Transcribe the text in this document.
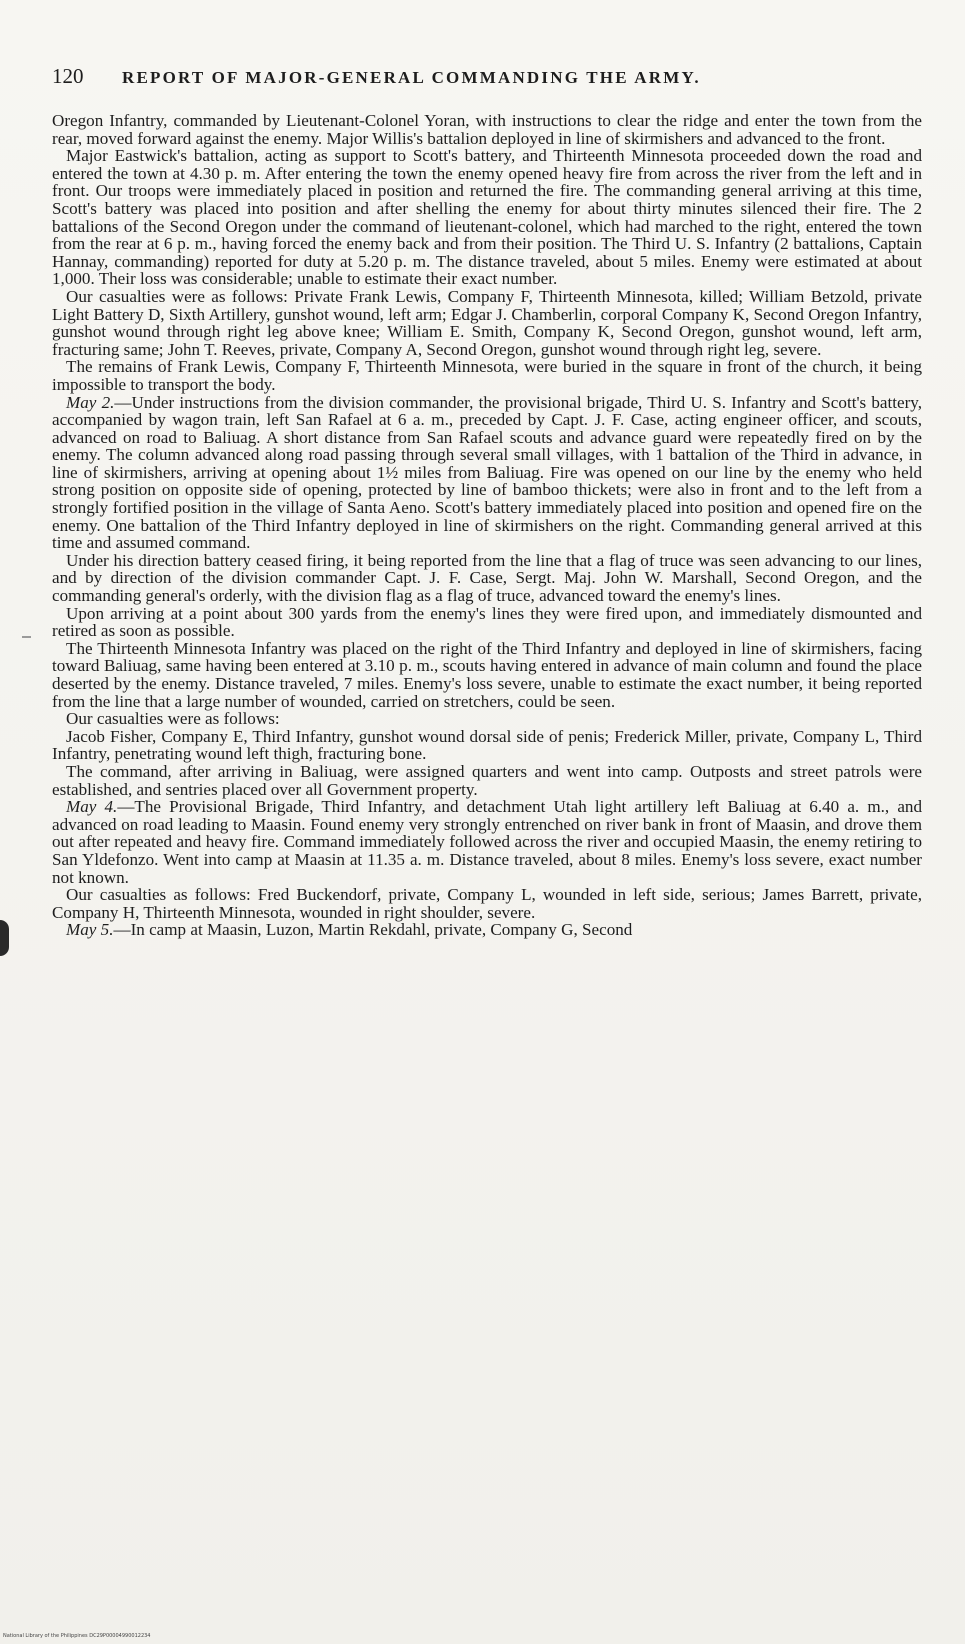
120 REPORT OF MAJOR-GENERAL COMMANDING THE ARMY.

Oregon Infantry, commanded by Lieutenant-Colonel Yoran, with instructions to clear the ridge and enter the town from the rear, moved forward against the enemy. Major Willis's battalion deployed in line of skirmishers and advanced to the front.

Major Eastwick's battalion, acting as support to Scott's battery, and Thirteenth Minnesota proceeded down the road and entered the town at 4.30 p. m. After entering the town the enemy opened heavy fire from across the river from the left and in front. Our troops were immediately placed in position and returned the fire. The commanding general arriving at this time, Scott's battery was placed into position and after shelling the enemy for about thirty minutes silenced their fire. The 2 battalions of the Second Oregon under the command of lieutenant-colonel, which had marched to the right, entered the town from the rear at 6 p. m., having forced the enemy back and from their position. The Third U. S. Infantry (2 battalions, Captain Hannay, commanding) reported for duty at 5.20 p. m. The distance traveled, about 5 miles. Enemy were estimated at about 1,000. Their loss was considerable; unable to estimate their exact number.

Our casualties were as follows: Private Frank Lewis, Company F, Thirteenth Minnesota, killed; William Betzold, private Light Battery D, Sixth Artillery, gunshot wound, left arm; Edgar J. Chamberlin, corporal Company K, Second Oregon Infantry, gunshot wound through right leg above knee; William E. Smith, Company K, Second Oregon, gunshot wound, left arm, fracturing same; John T. Reeves, private, Company A, Second Oregon, gunshot wound through right leg, severe.

The remains of Frank Lewis, Company F, Thirteenth Minnesota, were buried in the square in front of the church, it being impossible to transport the body.

May 2.—Under instructions from the division commander, the provisional brigade, Third U. S. Infantry and Scott's battery, accompanied by wagon train, left San Rafael at 6 a. m., preceded by Capt. J. F. Case, acting engineer officer, and scouts, advanced on road to Baliuag. A short distance from San Rafael scouts and advance guard were repeatedly fired on by the enemy. The column advanced along road passing through several small villages, with 1 battalion of the Third in advance, in line of skirmishers, arriving at opening about 1½ miles from Baliuag. Fire was opened on our line by the enemy who held strong position on opposite side of opening, protected by line of bamboo thickets; were also in front and to the left from a strongly fortified position in the village of Santa Aeno. Scott's battery immediately placed into position and opened fire on the enemy. One battalion of the Third Infantry deployed in line of skirmishers on the right. Commanding general arrived at this time and assumed command.

Under his direction battery ceased firing, it being reported from the line that a flag of truce was seen advancing to our lines, and by direction of the division commander Capt. J. F. Case, Sergt. Maj. John W. Marshall, Second Oregon, and the commanding general's orderly, with the division flag as a flag of truce, advanced toward the enemy's lines.

Upon arriving at a point about 300 yards from the enemy's lines they were fired upon, and immediately dismounted and retired as soon as possible.

The Thirteenth Minnesota Infantry was placed on the right of the Third Infantry and deployed in line of skirmishers, facing toward Baliuag, same having been entered at 3.10 p. m., scouts having entered in advance of main column and found the place deserted by the enemy. Distance traveled, 7 miles. Enemy's loss severe, unable to estimate the exact number, it being reported from the line that a large number of wounded, carried on stretchers, could be seen.

Our casualties were as follows:

Jacob Fisher, Company E, Third Infantry, gunshot wound dorsal side of penis; Frederick Miller, private, Company L, Third Infantry, penetrating wound left thigh, fracturing bone.

The command, after arriving in Baliuag, were assigned quarters and went into camp. Outposts and street patrols were established, and sentries placed over all Government property.

May 4.—The Provisional Brigade, Third Infantry, and detachment Utah light artillery left Baliuag at 6.40 a. m., and advanced on road leading to Maasin. Found enemy very strongly entrenched on river bank in front of Maasin, and drove them out after repeated and heavy fire. Command immediately followed across the river and occupied Maasin, the enemy retiring to San Yldefonzo. Went into camp at Maasin at 11.35 a. m. Distance traveled, about 8 miles. Enemy's loss severe, exact number not known.

Our casualties as follows: Fred Buckendorf, private, Company L, wounded in left side, serious; James Barrett, private, Company H, Thirteenth Minnesota, wounded in right shoulder, severe.

May 5.—In camp at Maasin, Luzon, Martin Rekdahl, private, Company G, Second

National Library of the Philippines DC29P00004990012234
